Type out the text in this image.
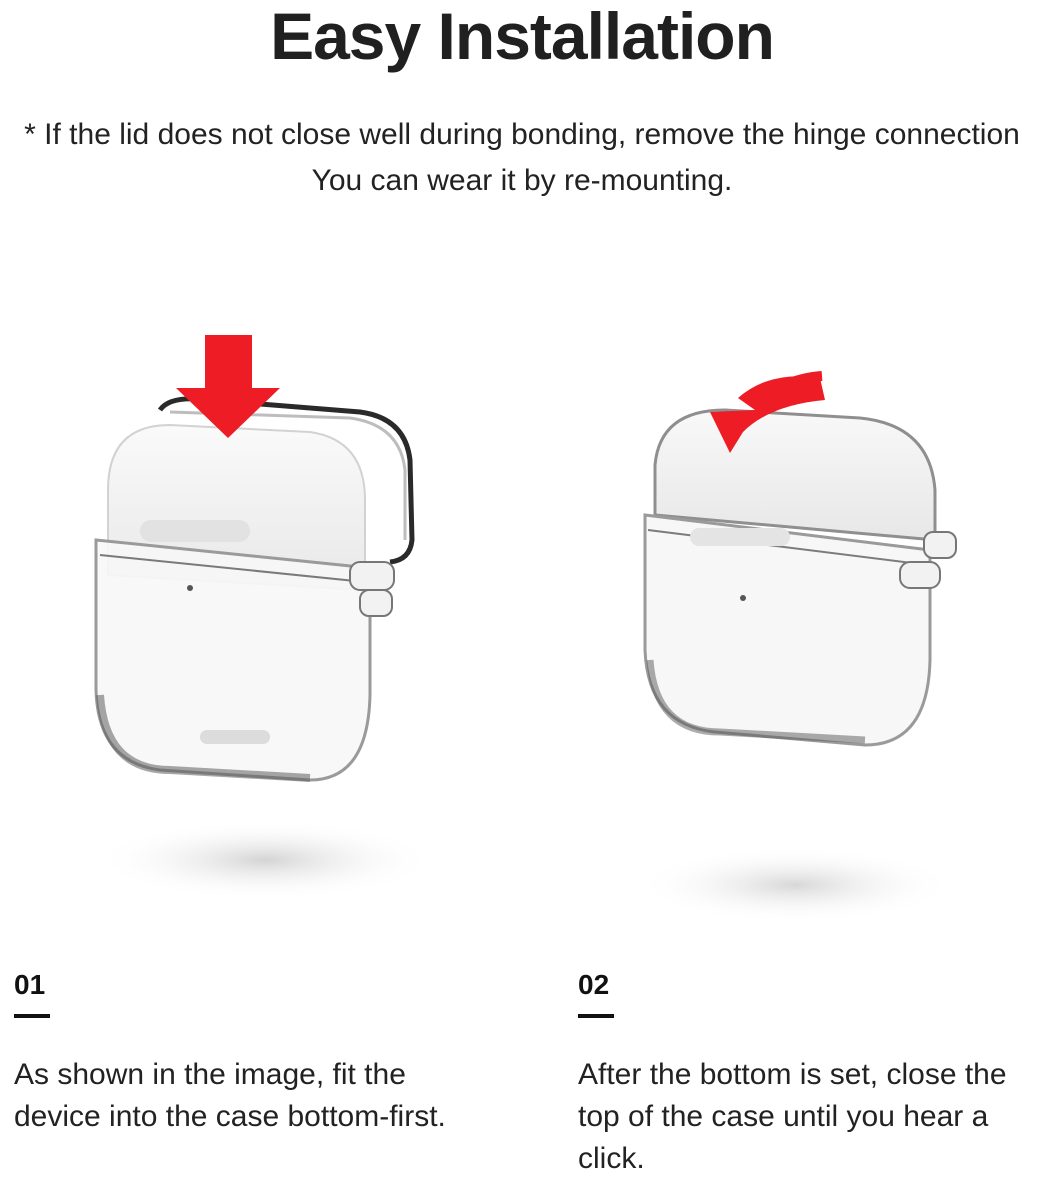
Easy Installation
* If the lid does not close well during bonding, remove the hinge connection
You can wear it by re-mounting.
01
As shown in the image, fit the device into the case bottom-first.
02
After the bottom is set, close the top of the case until you hear a click.
